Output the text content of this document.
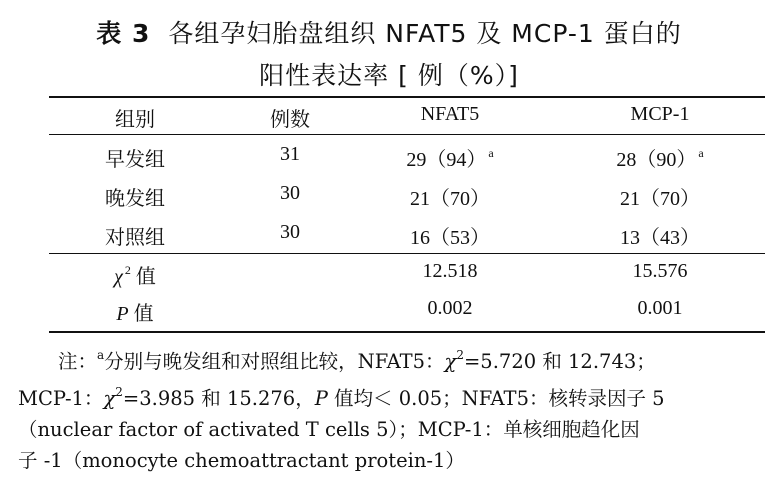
表 3 各组孕妇胎盘组织 NFAT5 及 MCP-1 蛋白的
阳性表达率 [ 例（%）]
组别	例数	NFAT5	MCP-1
早发组	31	29（94） $^a$	28（90） $^a$
晚发组	30	21（70）	21（70）
对照组	30	16（53）	13（43）
χ $^2$ 值	12.518	15.576
P 值	0.002	0.001
注：$^a$分别与晚发组和对照组比较，NFAT5：$\chi^2=5.720$ 和 12.743；
MCP-1：$\chi^2=3.985$ 和 15.276，P 值均＜ 0.05；NFAT5：核转录因子 5
（nuclear factor of activated T cells 5）；MCP-1：单核细胞趋化因
子 -1（monocyte chemoattractant protein-1）
